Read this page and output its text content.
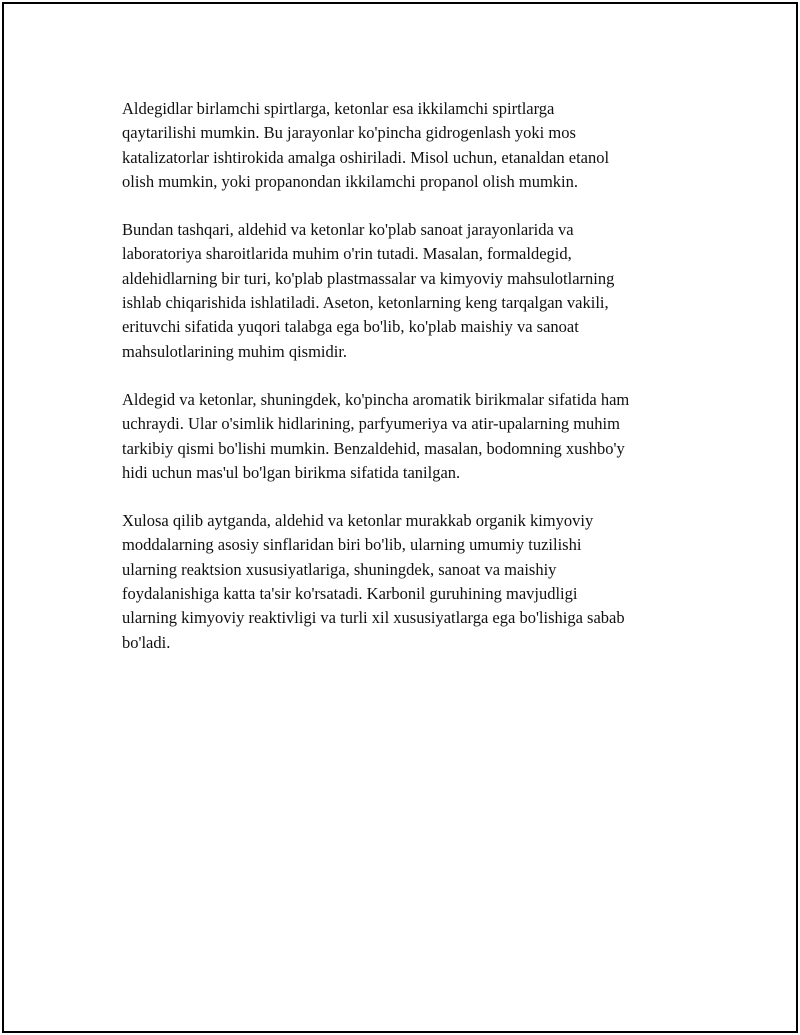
Aldegidlar birlamchi spirtlarga, ketonlar esa ikkilamchi spirtlarga
qaytarilishi mumkin. Bu jarayonlar ko'pincha gidrogenlash yoki mos
katalizatorlar ishtirokida amalga oshiriladi. Misol uchun, etanaldan etanol
olish mumkin, yoki propanondan ikkilamchi propanol olish mumkin.

Bundan tashqari, aldehid va ketonlar ko'plab sanoat jarayonlarida va
laboratoriya sharoitlarida muhim o'rin tutadi. Masalan, formaldegid,
aldehidlarning bir turi, ko'plab plastmassalar va kimyoviy mahsulotlarning
ishlab chiqarishida ishlatiladi. Aseton, ketonlarning keng tarqalgan vakili,
erituvchi sifatida yuqori talabga ega bo'lib, ko'plab maishiy va sanoat
mahsulotlarining muhim qismidir.

Aldegid va ketonlar, shuningdek, ko'pincha aromatik birikmalar sifatida ham
uchraydi. Ular o'simlik hidlarining, parfyumeriya va atir-upalarning muhim
tarkibiy qismi bo'lishi mumkin. Benzaldehid, masalan, bodomning xushbo'y
hidi uchun mas'ul bo'lgan birikma sifatida tanilgan.

Xulosa qilib aytganda, aldehid va ketonlar murakkab organik kimyoviy
moddalarning asosiy sinflaridan biri bo'lib, ularning umumiy tuzilishi
ularning reaktsion xususiyatlariga, shuningdek, sanoat va maishiy
foydalanishiga katta ta'sir ko'rsatadi. Karbonil guruhining mavjudligi
ularning kimyoviy reaktivligi va turli xil xususiyatlarga ega bo'lishiga sabab
bo'ladi.
